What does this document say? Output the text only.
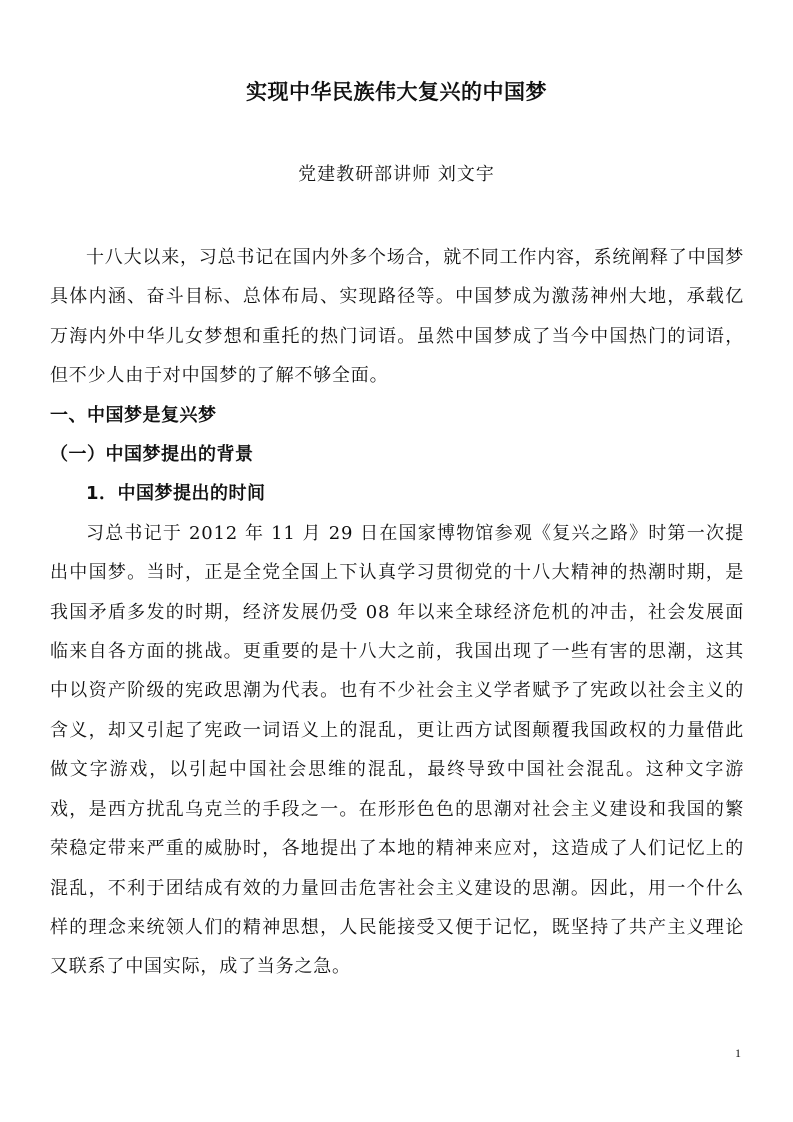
实现中华民族伟大复兴的中国梦
党建教研部讲师 刘文宇

十八大以来，习总书记在国内外多个场合，就不同工作内容，系统阐释了中国梦具体内涵、奋斗目标、总体布局、实现路径等。中国梦成为激荡神州大地，承载亿万海内外中华儿女梦想和重托的热门词语。虽然中国梦成了当今中国热门的词语，但不少人由于对中国梦的了解不够全面。

一、中国梦是复兴梦
（一）中国梦提出的背景
1．中国梦提出的时间

习总书记于 2012 年 11 月 29 日在国家博物馆参观《复兴之路》时第一次提出中国梦。当时，正是全党全国上下认真学习贯彻党的十八大精神的热潮时期，是我国矛盾多发的时期，经济发展仍受 08 年以来全球经济危机的冲击，社会发展面临来自各方面的挑战。更重要的是十八大之前，我国出现了一些有害的思潮，这其中以资产阶级的宪政思潮为代表。也有不少社会主义学者赋予了宪政以社会主义的含义，却又引起了宪政一词语义上的混乱，更让西方试图颠覆我国政权的力量借此做文字游戏，以引起中国社会思维的混乱，最终导致中国社会混乱。这种文字游戏，是西方扰乱乌克兰的手段之一。在形形色色的思潮对社会主义建设和我国的繁荣稳定带来严重的威胁时，各地提出了本地的精神来应对，这造成了人们记忆上的混乱，不利于团结成有效的力量回击危害社会主义建设的思潮。因此，用一个什么样的理念来统领人们的精神思想，人民能接受又便于记忆，既坚持了共产主义理论又联系了中国实际，成了当务之急。

1
